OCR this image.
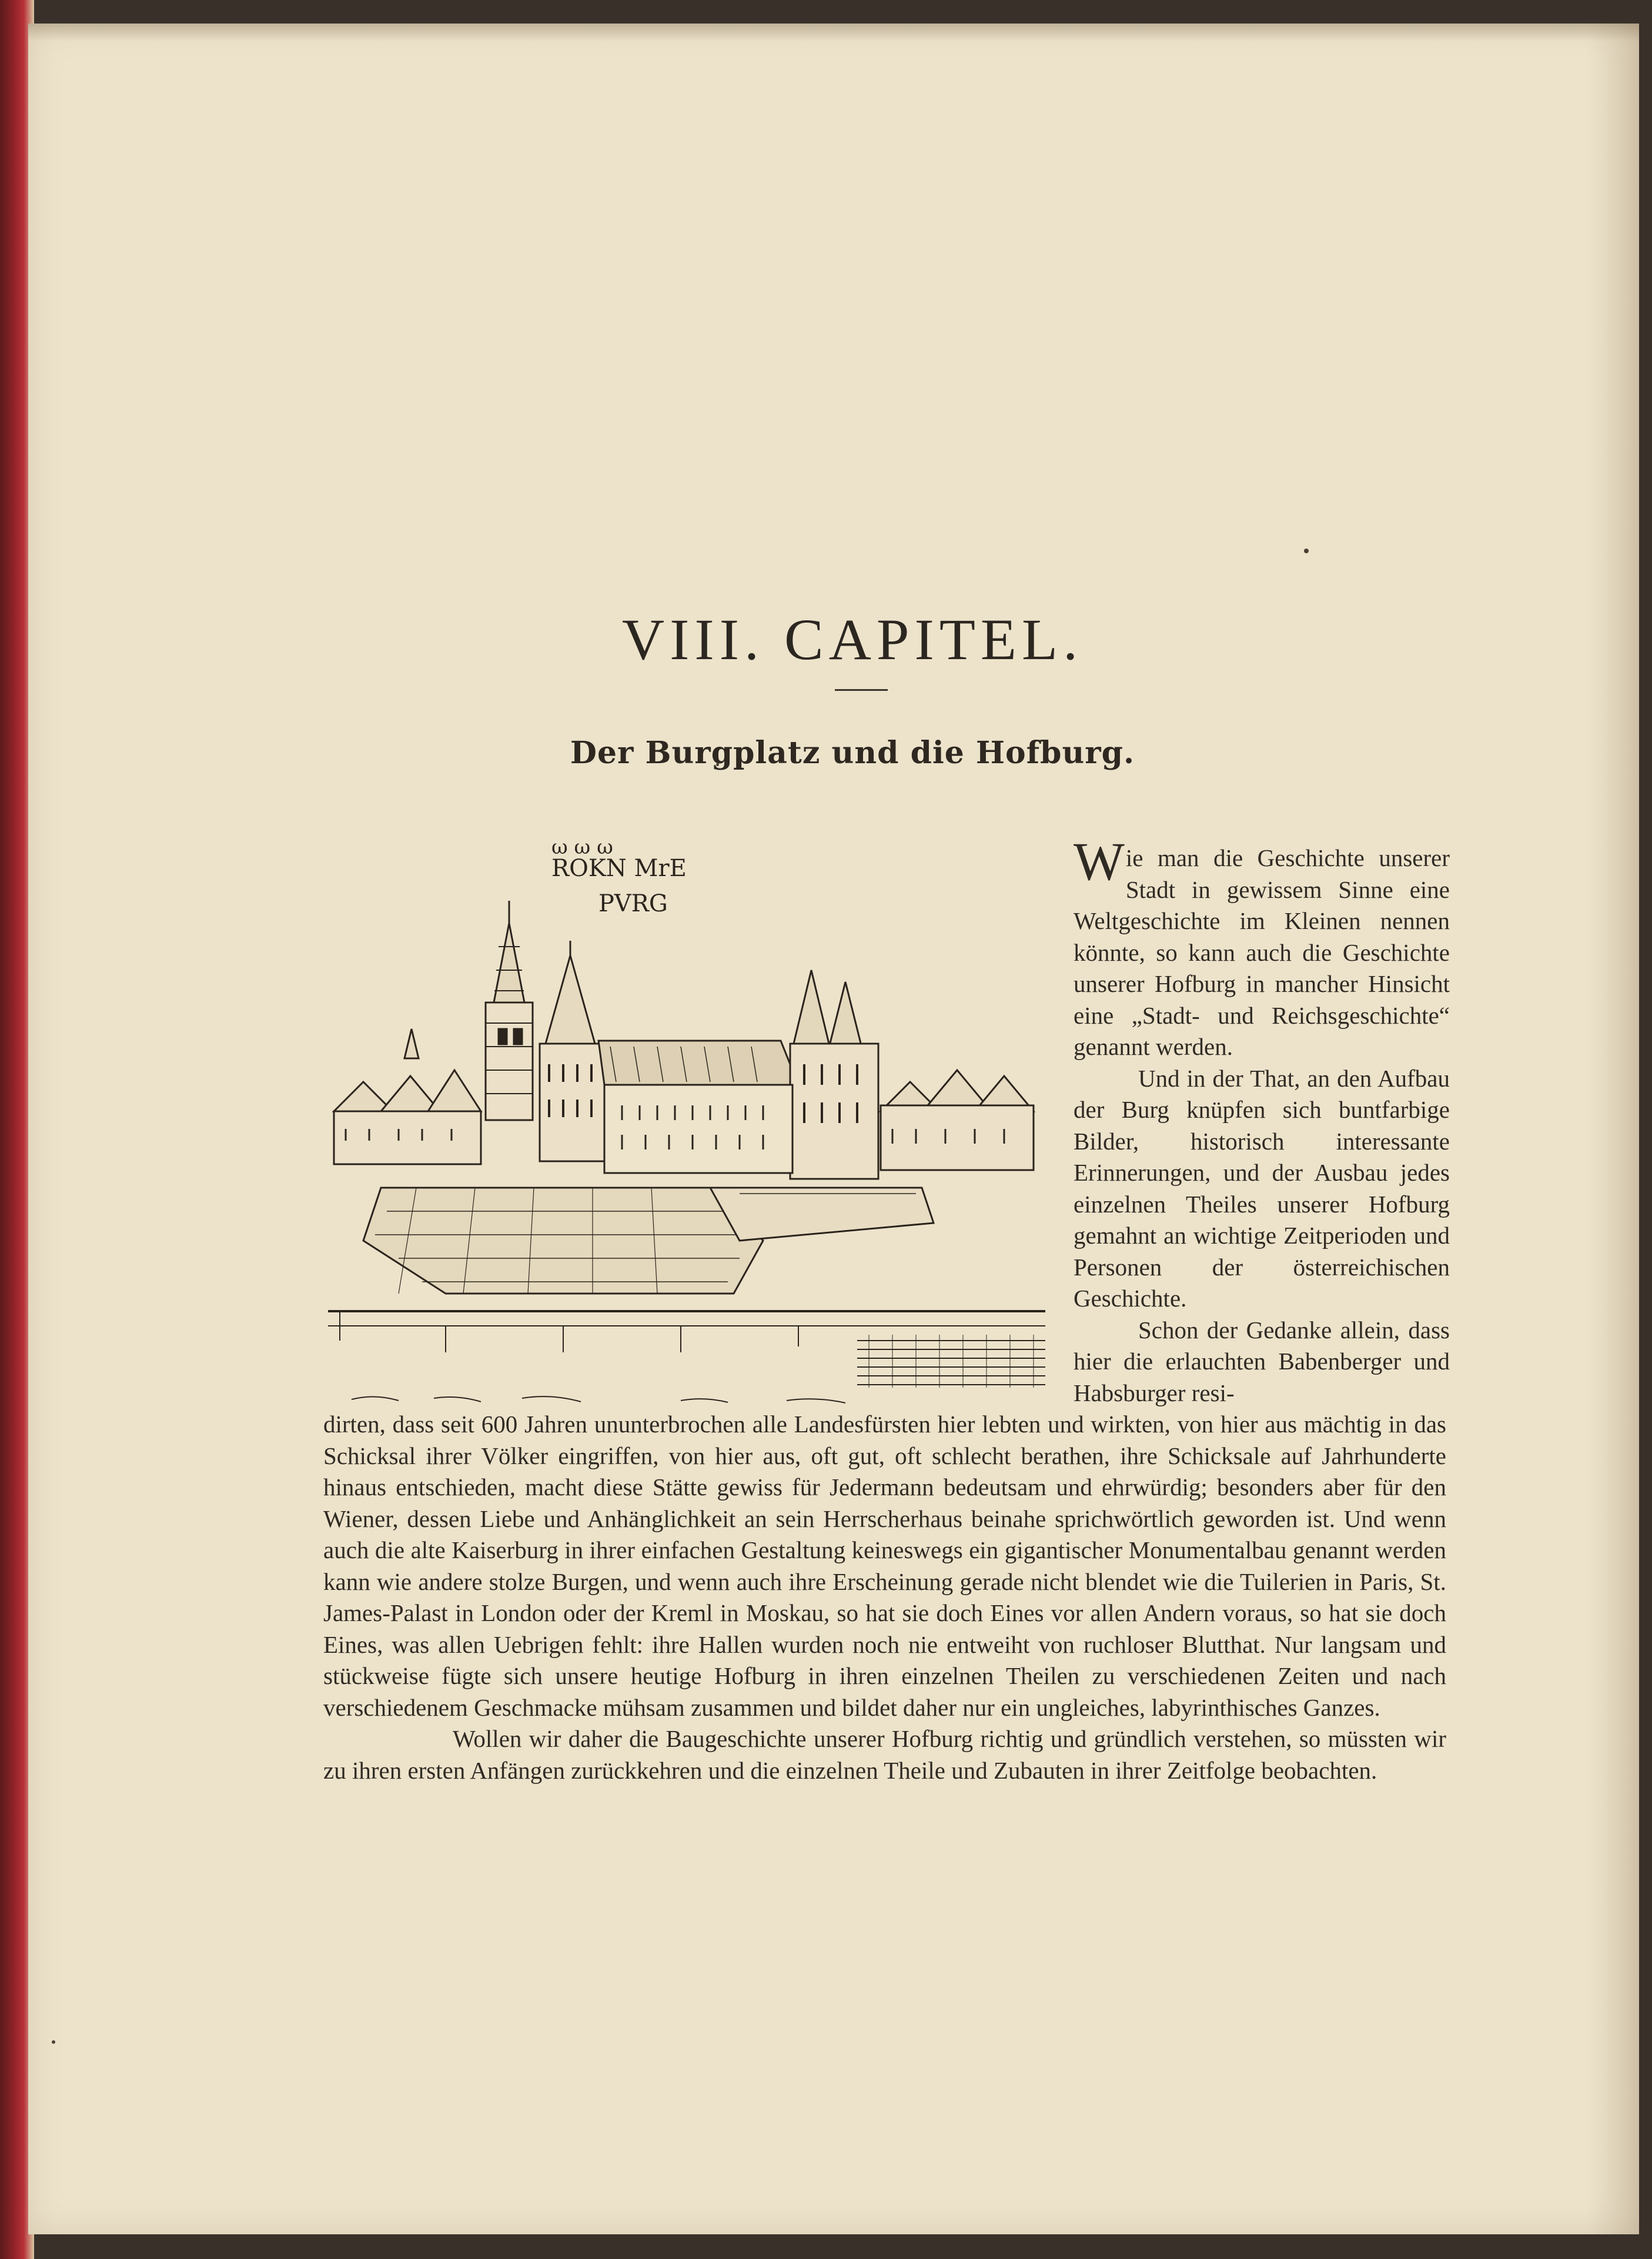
VIII. CAPITEL.
Der Burgplatz und die Hofburg.
ω ω ω
ROKN MrE
PVRG

Wie man die Geschichte unserer Stadt in gewissem Sinne eine Weltgeschichte im Kleinen nennen könnte, so kann auch die Geschichte unserer Hofburg in mancher Hinsicht eine „Stadt- und Reichsgeschichte“ genannt werden.

Und in der That, an den Aufbau der Burg knüpfen sich buntfarbige Bilder, historisch interessante Erinnerungen, und der Ausbau jedes einzelnen Theiles unserer Hofburg gemahnt an wichtige Zeitperioden und Personen der österreichischen Geschichte.

Schon der Gedanke allein, dass hier die erlauchten Babenberger und Habsburger resi-

dirten, dass seit 600 Jahren ununterbrochen alle Landesfürsten hier lebten und wirkten, von hier aus mächtig in das Schicksal ihrer Völker eingriffen, von hier aus, oft gut, oft schlecht berathen, ihre Schicksale auf Jahrhunderte hinaus entschieden, macht diese Stätte gewiss für Jedermann bedeutsam und ehrwürdig; besonders aber für den Wiener, dessen Liebe und Anhänglichkeit an sein Herrscherhaus beinahe sprichwörtlich geworden ist. Und wenn auch die alte Kaiserburg in ihrer einfachen Gestaltung keineswegs ein gigantischer Monumentalbau genannt werden kann wie andere stolze Burgen, und wenn auch ihre Erscheinung gerade nicht blendet wie die Tuilerien in Paris, St. James-Palast in London oder der Kreml in Moskau, so hat sie doch Eines vor allen Andern voraus, so hat sie doch Eines, was allen Uebrigen fehlt: ihre Hallen wurden noch nie entweiht von ruchloser Blutthat. Nur langsam und stückweise fügte sich unsere heutige Hofburg in ihren einzelnen Theilen zu verschiedenen Zeiten und nach verschiedenem Geschmacke mühsam zusammen und bildet daher nur ein ungleiches, labyrinthisches Ganzes.

Wollen wir daher die Baugeschichte unserer Hofburg richtig und gründlich verstehen, so müssten wir zu ihren ersten Anfängen zurückkehren und die einzelnen Theile und Zubauten in ihrer Zeitfolge beobachten.
